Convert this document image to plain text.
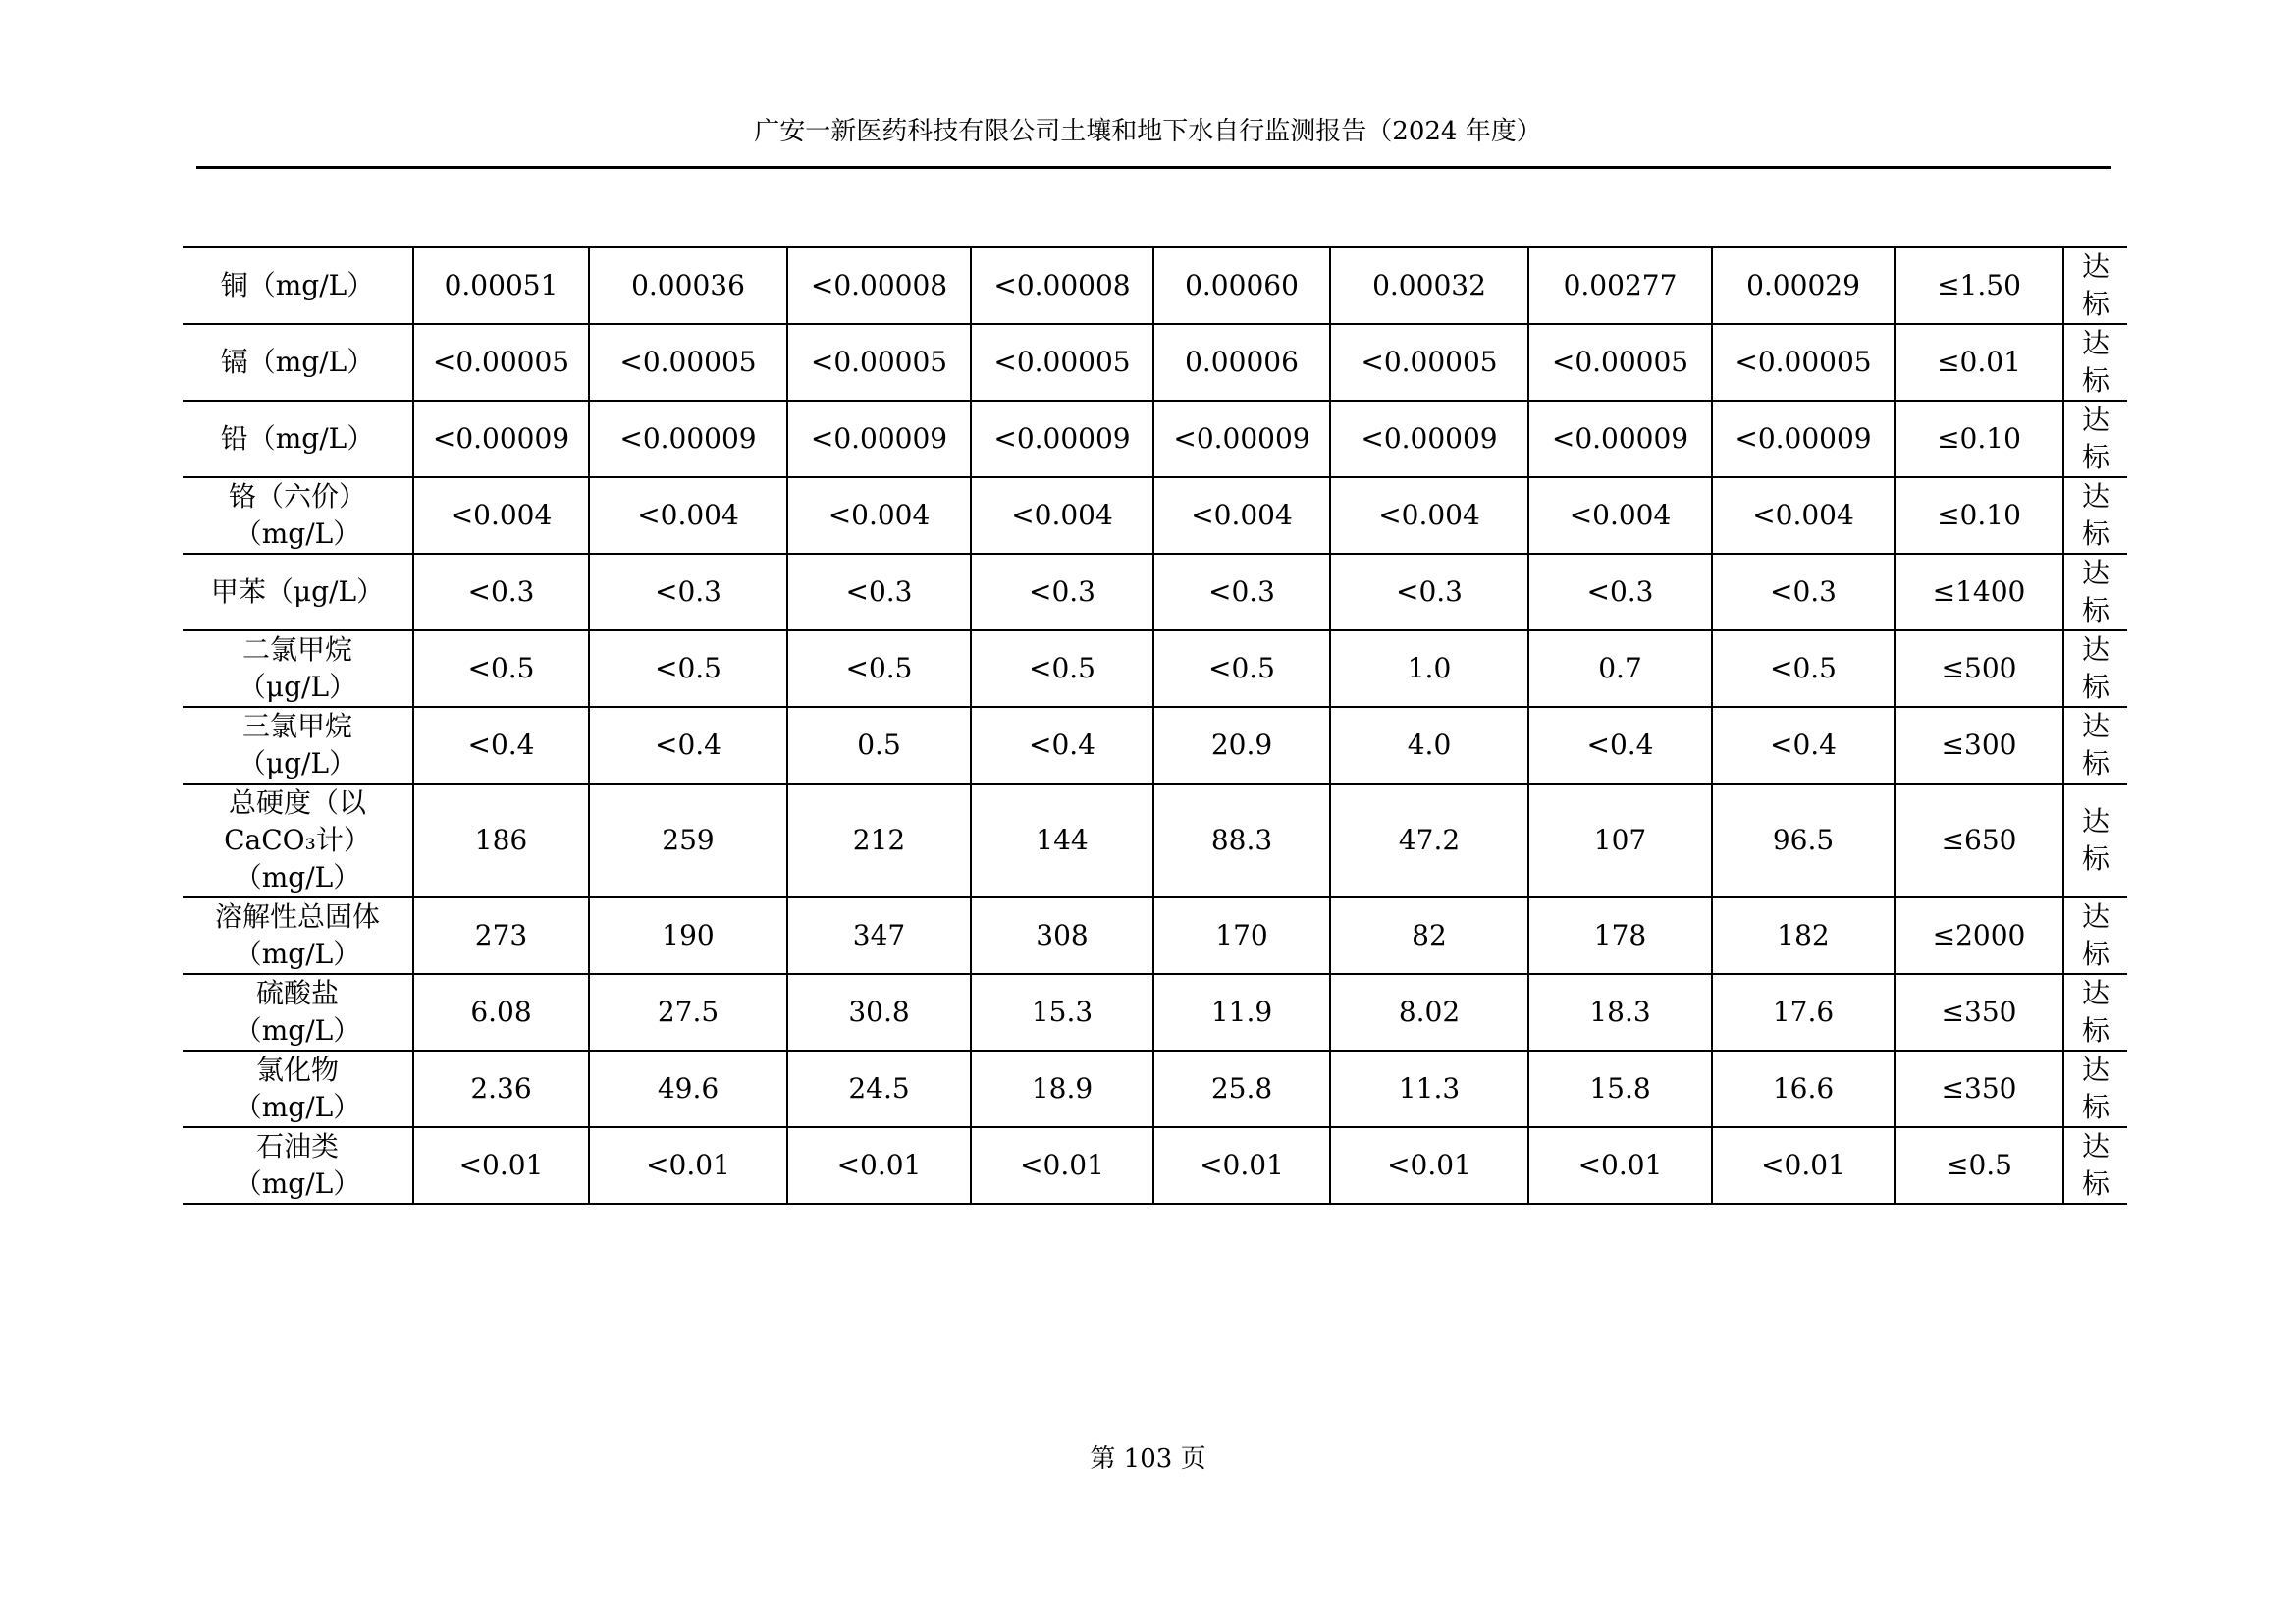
广安一新医药科技有限公司土壤和地下水自行监测报告（2024 年度）
铜（mg/L）	0.00051	0.00036	<0.00008	<0.00008	0.00060	0.00032	0.00277	0.00029	≤1.50	达
标

镉（mg/L）	<0.00005	<0.00005	<0.00005	<0.00005	0.00006	<0.00005	<0.00005	<0.00005	≤0.01	达
标

铅（mg/L）	<0.00009	<0.00009	<0.00009	<0.00009	<0.00009	<0.00009	<0.00009	<0.00009	≤0.10	达
标

铬（六价）
（mg/L）	<0.004	<0.004	<0.004	<0.004	<0.004	<0.004	<0.004	<0.004	≤0.10	达
标

甲苯（μg/L）	<0.3	<0.3	<0.3	<0.3	<0.3	<0.3	<0.3	<0.3	≤1400	达
标

二氯甲烷
（μg/L）	<0.5	<0.5	<0.5	<0.5	<0.5	1.0	0.7	<0.5	≤500	达
标

三氯甲烷
（μg/L）	<0.4	<0.4	0.5	<0.4	20.9	4.0	<0.4	<0.4	≤300	达
标

总硬度（以
CaCO₃计）
（mg/L）	186	259	212	144	88.3	47.2	107	96.5	≤650	达
标

溶解性总固体
（mg/L）	273	190	347	308	170	82	178	182	≤2000	达
标

硫酸盐
（mg/L）	6.08	27.5	30.8	15.3	11.9	8.02	18.3	17.6	≤350	达
标

氯化物
（mg/L）	2.36	49.6	24.5	18.9	25.8	11.3	15.8	16.6	≤350	达
标

石油类
（mg/L）	<0.01	<0.01	<0.01	<0.01	<0.01	<0.01	<0.01	<0.01	≤0.5	达
标
第 103 页
